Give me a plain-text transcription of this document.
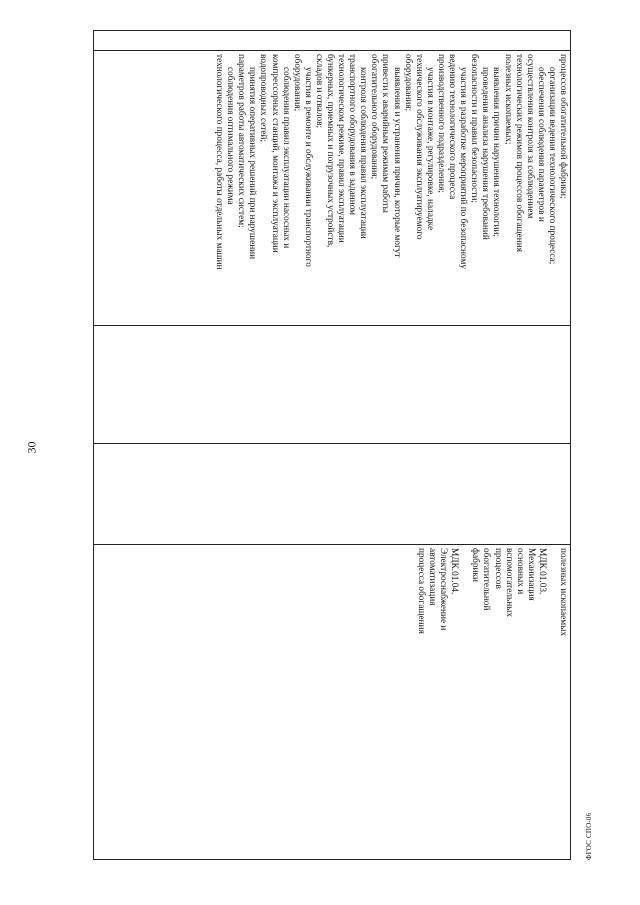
30

процессов обогатительной фабрики;
организации ведения технологического процесса;
обеспечения соблюдения параметров и
осуществления контроля за соблюдением
технологических режимов процессов обогащения
полезных ископаемых;
выявления причин нарушения технологии;
проведения анализа нарушения требований
безопасности и правил безопасности;
участия в разработке мероприятий по безопасному
ведению технологического процесса
производственного подразделения;
участия в монтаже, регулировке, наладке
технического обслуживания эксплуатируемого
оборудования;
выявления и устранения причин, которые могут
привести к аварийным режимам работы
обогатительного оборудования;
контроля соблюдения правил эксплуатации
транспортного оборудования в заданном
технологическом режиме, правил эксплуатации
бункерных, приемных и погрузочных устройств,
складов и отвалов;
участия в ремонте и обслуживании транспортного
оборудования;
соблюдения правил эксплуатации насосных и
компрессорных станций, монтажа и эксплуатации
водопроводных сетей;
принятия оперативных решений при нарушении
параметров работы автоматических систем;
соблюдения оптимального режима
технологического процесса, работы отдельных машин

полезных ископаемых
МДК.01.03.
Механизация
основных и
вспомогательных
процессов
обогатительной
фабрики
МДК.01.04.
Электроснабжение и
автоматизация
процесса обогащения
ФГОС СПО-06
